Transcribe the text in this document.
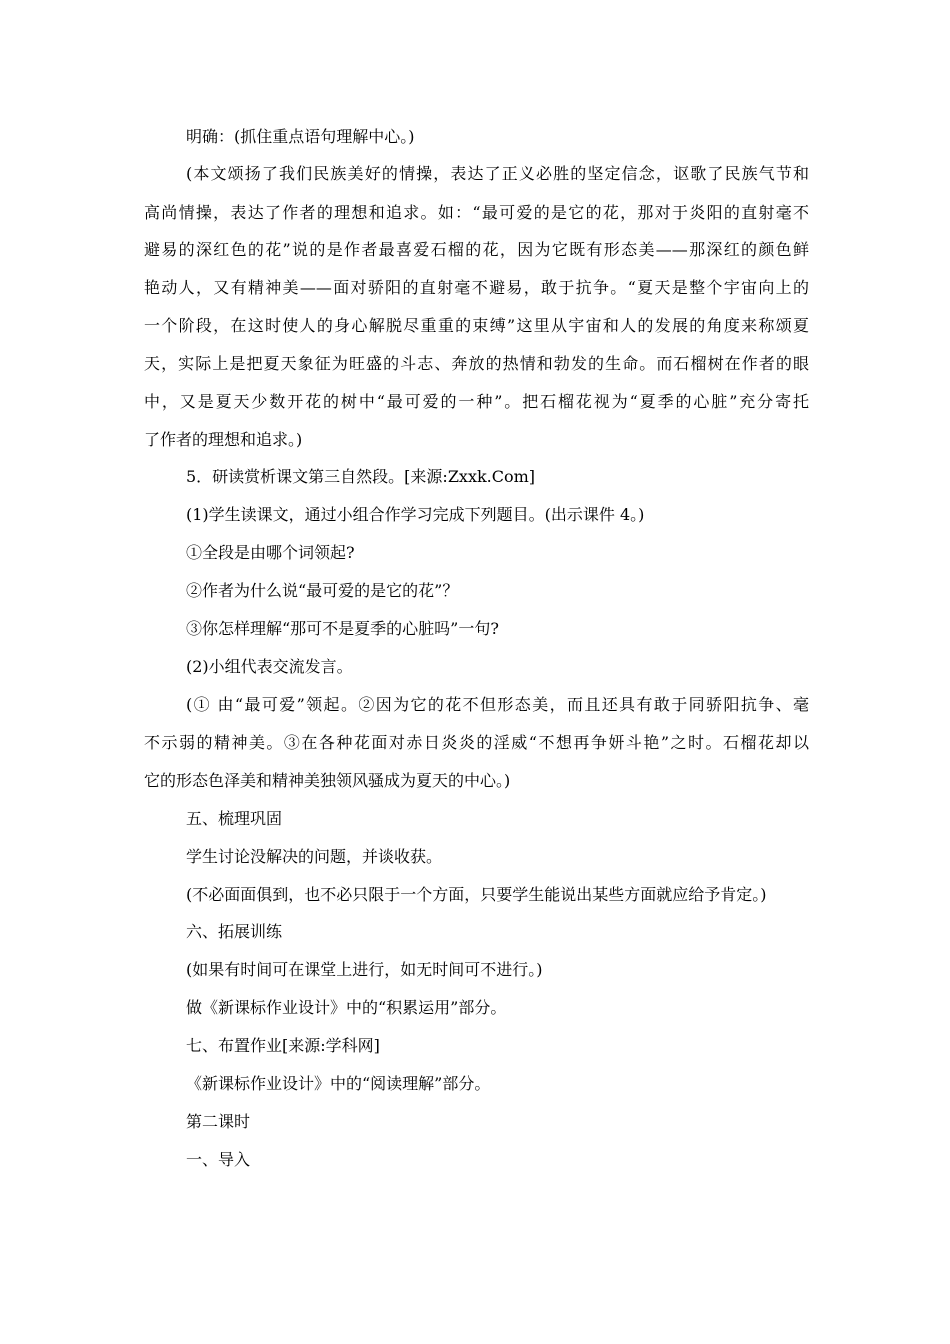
明确：(抓住重点语句理解中心。)
(本文颂扬了我们民族美好的情操，表达了正义必胜的坚定信念，讴歌了民族气节和
高尚情操，表达了作者的理想和追求。如：“最可爱的是它的花，那对于炎阳的直射毫不
避易的深红色的花”说的是作者最喜爱石榴的花，因为它既有形态美——那深红的颜色鲜
艳动人，又有精神美——面对骄阳的直射毫不避易，敢于抗争。“夏天是整个宇宙向上的
一个阶段，在这时使人的身心解脱尽重重的束缚”这里从宇宙和人的发展的角度来称颂夏
天，实际上是把夏天象征为旺盛的斗志、奔放的热情和勃发的生命。而石榴树在作者的眼
中，又是夏天少数开花的树中“最可爱的一种”。把石榴花视为“夏季的心脏”充分寄托
了作者的理想和追求。)
5．研读赏析课文第三自然段。[来源:Zxxk.Com]
(1)学生读课文，通过小组合作学习完成下列题目。(出示课件 4。)
①全段是由哪个词领起?
②作者为什么说“最可爱的是它的花”？
③你怎样理解“那可不是夏季的心脏吗”一句?
(2)小组代表交流发言。
(① 由“最可爱”领起。②因为它的花不但形态美，而且还具有敢于同骄阳抗争、毫
不示弱的精神美。③在各种花面对赤日炎炎的淫威“不想再争妍斗艳”之时。石榴花却以
它的形态色泽美和精神美独领风骚成为夏天的中心。)
五、梳理巩固
学生讨论没解决的问题，并谈收获。
(不必面面俱到，也不必只限于一个方面，只要学生能说出某些方面就应给予肯定。)
六、拓展训练
(如果有时间可在课堂上进行，如无时间可不进行。)
做《新课标作业设计》中的“积累运用”部分。
七、布置作业[来源:学科网]
《新课标作业设计》中的“阅读理解”部分。
第二课时
一、导入
